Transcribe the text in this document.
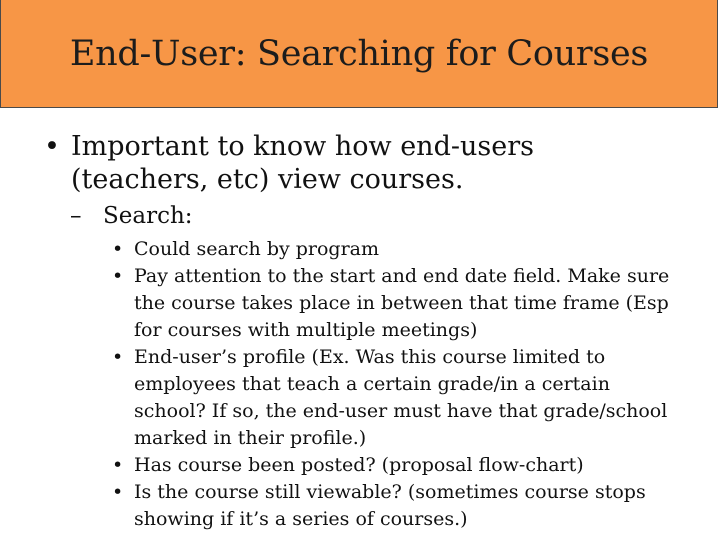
End-User: Searching for Courses
• Important to know how end-users (teachers, etc) view courses.
– Search:
• Could search by program
• Pay attention to the start and end date field. Make sure the course takes place in between that time frame (Esp for courses with multiple meetings)
• End-user’s profile (Ex. Was this course limited to employees that teach a certain grade/in a certain school? If so, the end-user must have that grade/school marked in their profile.)
• Has course been posted? (proposal flow-chart)
• Is the course still viewable? (sometimes course stops showing if it’s a series of courses.)
